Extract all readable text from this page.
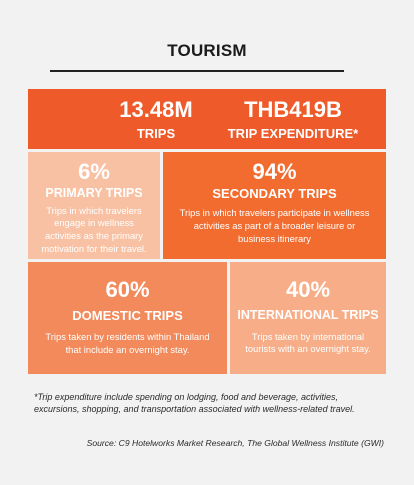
TOURISM
13.48M
TRIPS
THB419B
TRIP EXPENDITURE*
6%
PRIMARY TRIPS
Trips in which travelers engage in wellness activities as the primary motivation for their travel.
94%
SECONDARY TRIPS
Trips in which travelers participate in wellness activities as part of a broader leisure or business itinerary
60%
DOMESTIC TRIPS
Trips taken by residents within Thailand that include an overnight stay.
40%
INTERNATIONAL TRIPS
Trips taken by international tourists with an overnight stay.
*Trip expenditure include spending on lodging, food and beverage, activities, excursions, shopping, and transportation associated with wellness-related travel.
Source: C9 Hotelworks Market Research, The Global Wellness Institute (GWI)
